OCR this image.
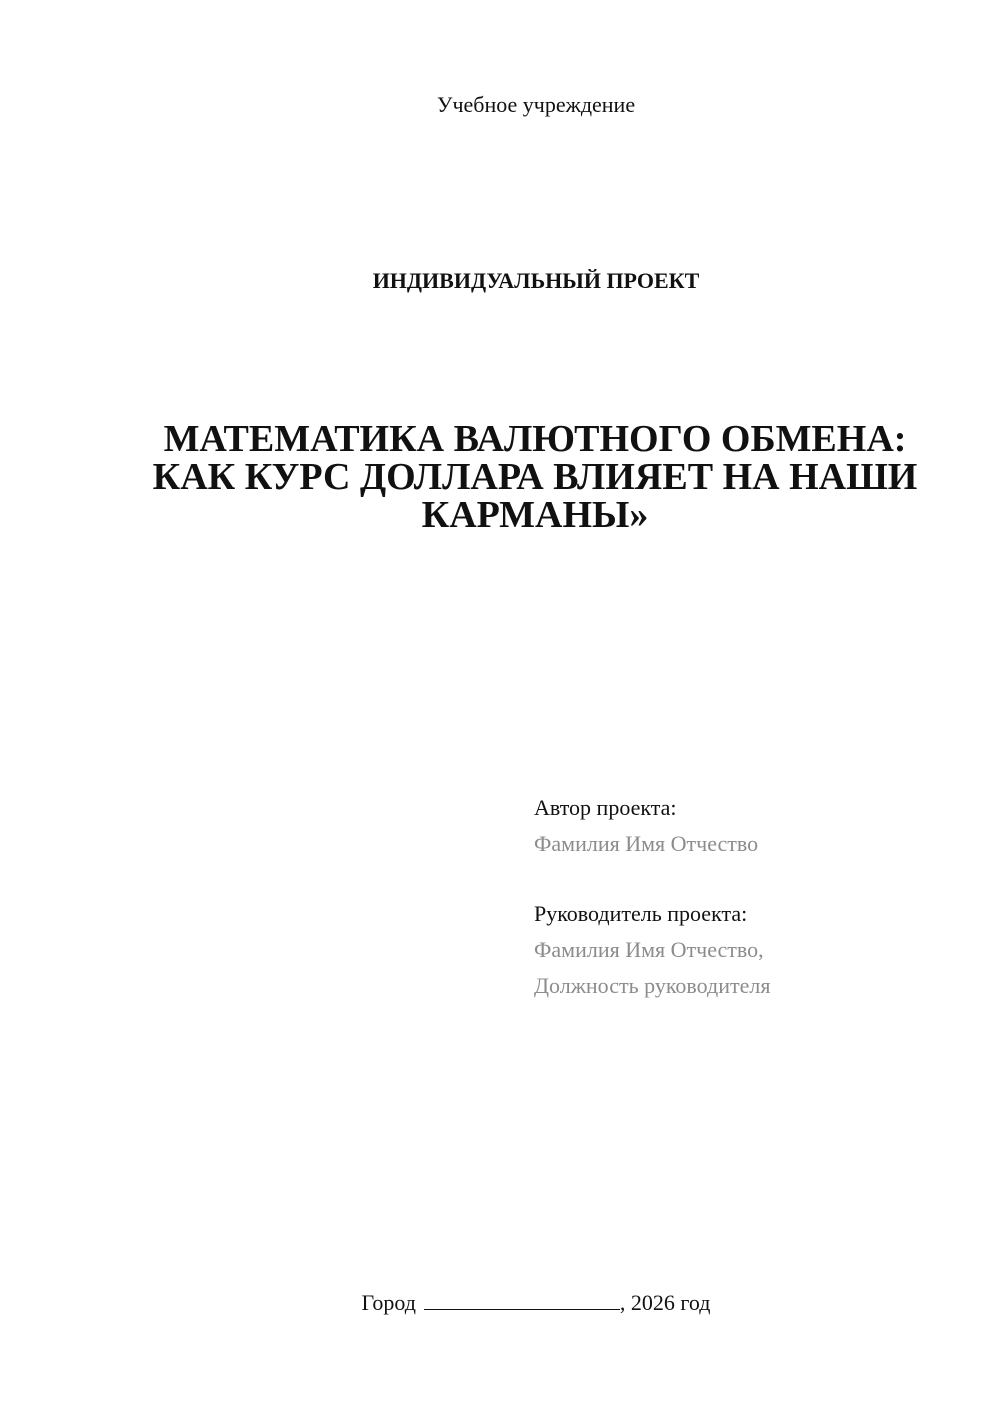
Учебное учреждение
ИНДИВИДУАЛЬНЫЙ ПРОЕКТ
МАТЕМАТИКА ВАЛЮТНОГО ОБМЕНА:
КАК КУРС ДОЛЛАРА ВЛИЯЕТ НА НАШИ
КАРМАНЫ»
Автор проекта:
Фамилия Имя Отчество
Руководитель проекта:
Фамилия Имя Отчество,
Должность руководителя
Город	, 2026 год
